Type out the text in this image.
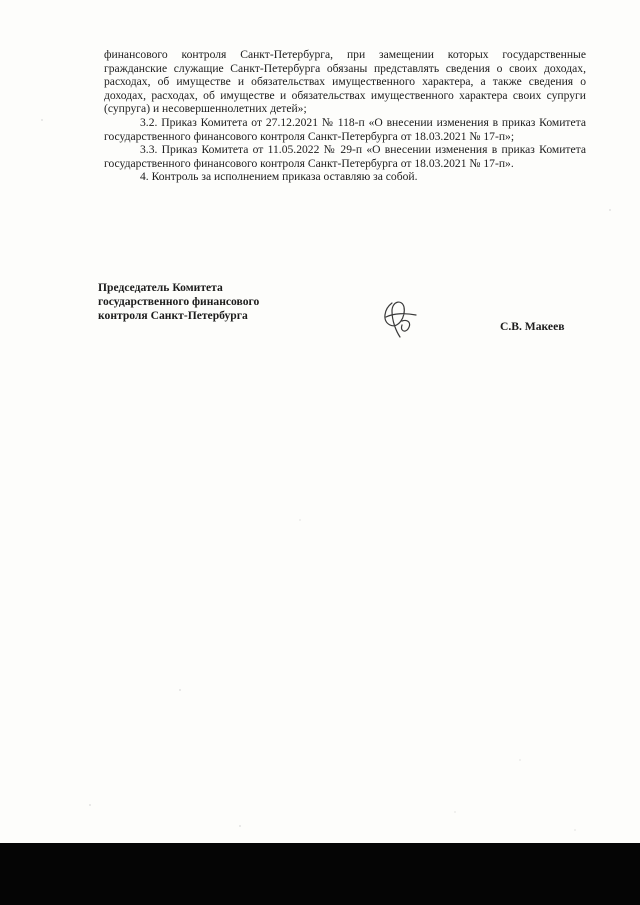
финансового контроля Санкт-Петербурга, при замещении которых государственные гражданские служащие Санкт-Петербурга обязаны представлять сведения о своих доходах, расходах, об имуществе и обязательствах имущественного характера, а также сведения о доходах, расходах, об имуществе и обязательствах имущественного характера своих супруги (супруга) и несовершеннолетних детей»;

3.2. Приказ Комитета от 27.12.2021 № 118-п «О внесении изменения в приказ Комитета государственного финансового контроля Санкт-Петербурга от 18.03.2021 № 17-п»;

3.3. Приказ Комитета от 11.05.2022 № 29-п «О внесении изменения в приказ Комитета государственного финансового контроля Санкт-Петербурга от 18.03.2021 № 17-п».

4. Контроль за исполнением приказа оставляю за собой.

Председатель Комитета
государственного финансового
контроля Санкт-Петербурга
С.В. Макеев
